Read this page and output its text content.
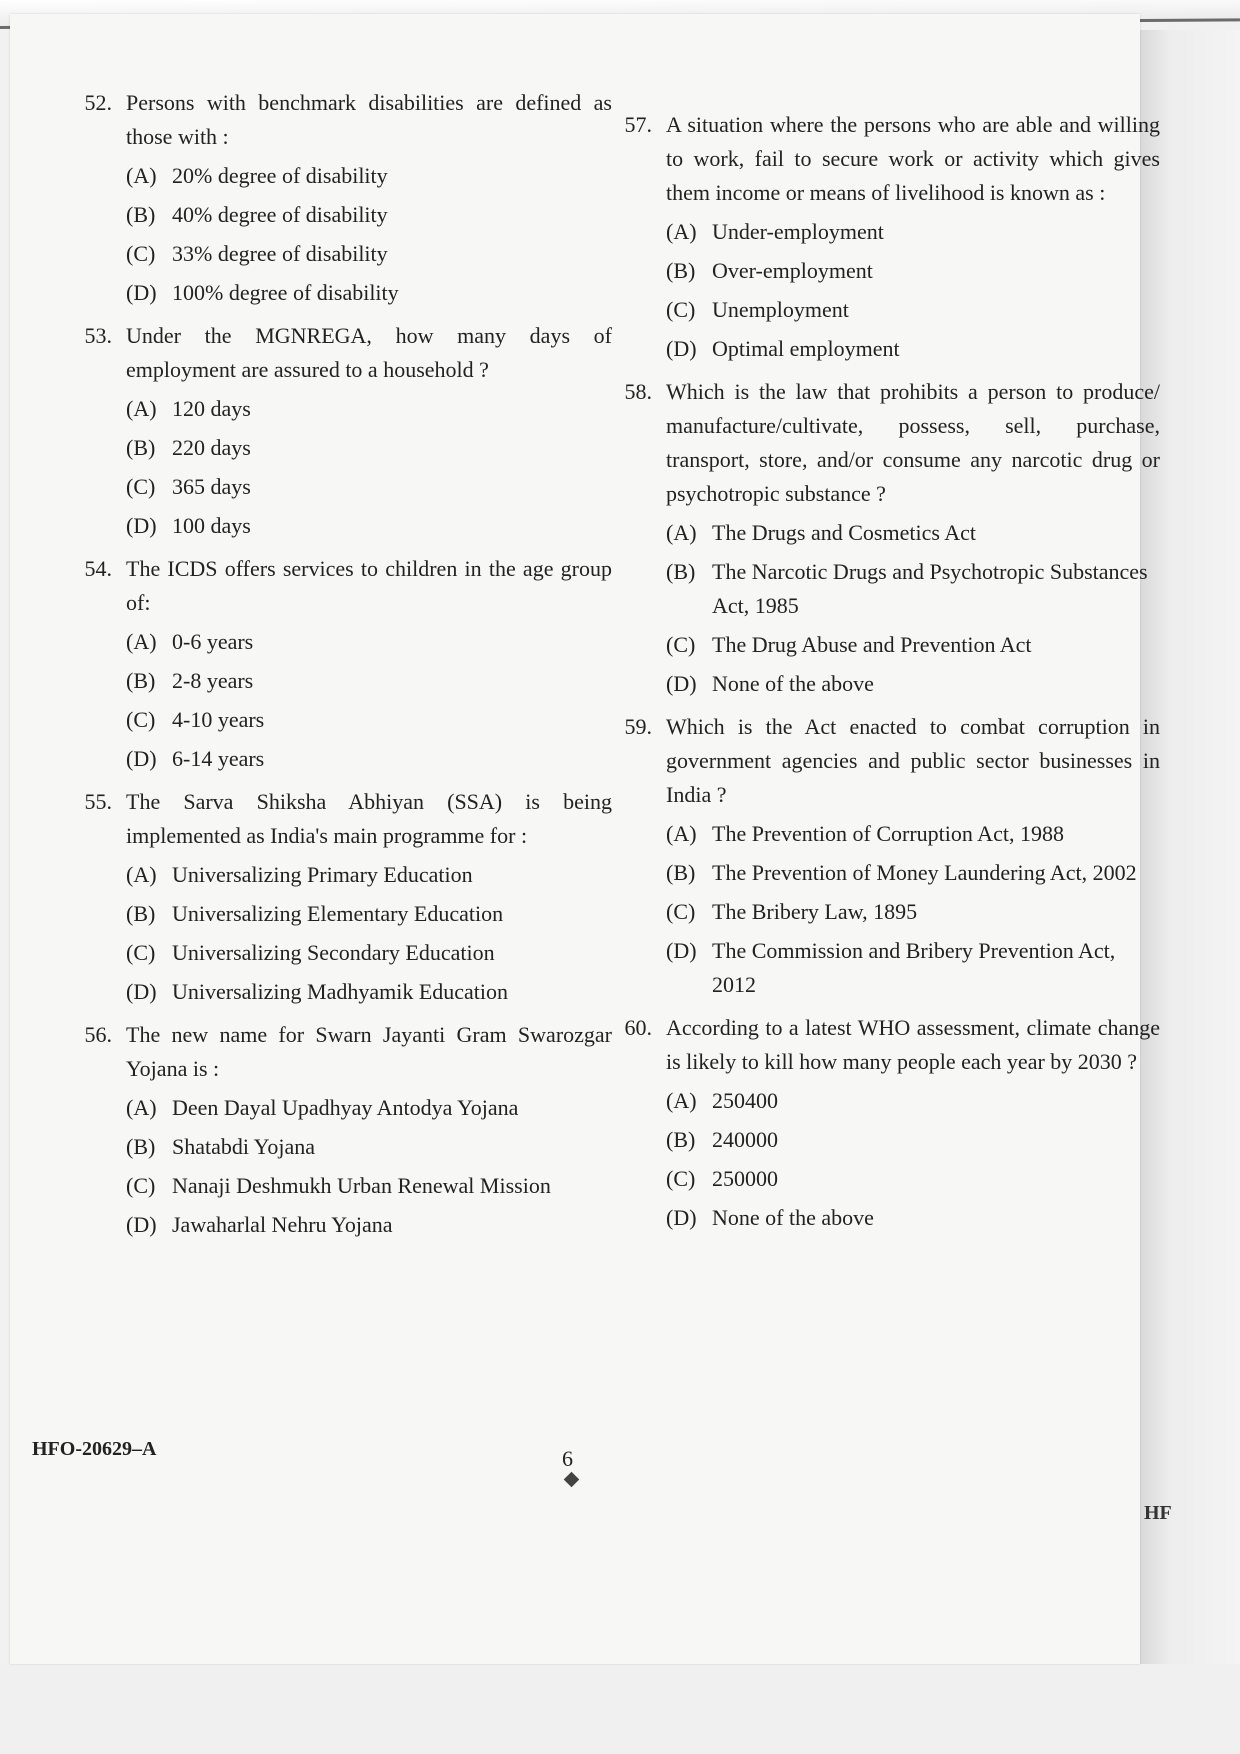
52. Persons with benchmark disabilities are defined as those with :
(A) 20% degree of disability
(B) 40% degree of disability
(C) 33% degree of disability
(D) 100% degree of disability
53. Under the MGNREGA, how many days of employment are assured to a household ?
(A) 120 days
(B) 220 days
(C) 365 days
(D) 100 days
54. The ICDS offers services to children in the age group of:
(A) 0-6 years
(B) 2-8 years
(C) 4-10 years
(D) 6-14 years
55. The Sarva Shiksha Abhiyan (SSA) is being implemented as India's main programme for :
(A) Universalizing Primary Education
(B) Universalizing Elementary Education
(C) Universalizing Secondary Education
(D) Universalizing Madhyamik Education
56. The new name for Swarn Jayanti Gram Swarozgar Yojana is :
(A) Deen Dayal Upadhyay Antodya Yojana
(B) Shatabdi Yojana
(C) Nanaji Deshmukh Urban Renewal Mission
(D) Jawaharlal Nehru Yojana
57. A situation where the persons who are able and willing to work, fail to secure work or activity which gives them income or means of livelihood is known as :
(A) Under-employment
(B) Over-employment
(C) Unemployment
(D) Optimal employment
58. Which is the law that prohibits a person to produce/ manufacture/cultivate, possess, sell, purchase, transport, store, and/or consume any narcotic drug or psychotropic substance ?
(A) The Drugs and Cosmetics Act
(B) The Narcotic Drugs and Psychotropic Substances Act, 1985
(C) The Drug Abuse and Prevention Act
(D) None of the above
59. Which is the Act enacted to combat corruption in government agencies and public sector businesses in India ?
(A) The Prevention of Corruption Act, 1988
(B) The Prevention of Money Laundering Act, 2002
(C) The Bribery Law, 1895
(D) The Commission and Bribery Prevention Act, 2012
60. According to a latest WHO assessment, climate change is likely to kill how many people each year by 2030 ?
(A) 250400
(B) 240000
(C) 250000
(D) None of the above
HFO-20629–A	6
HF
